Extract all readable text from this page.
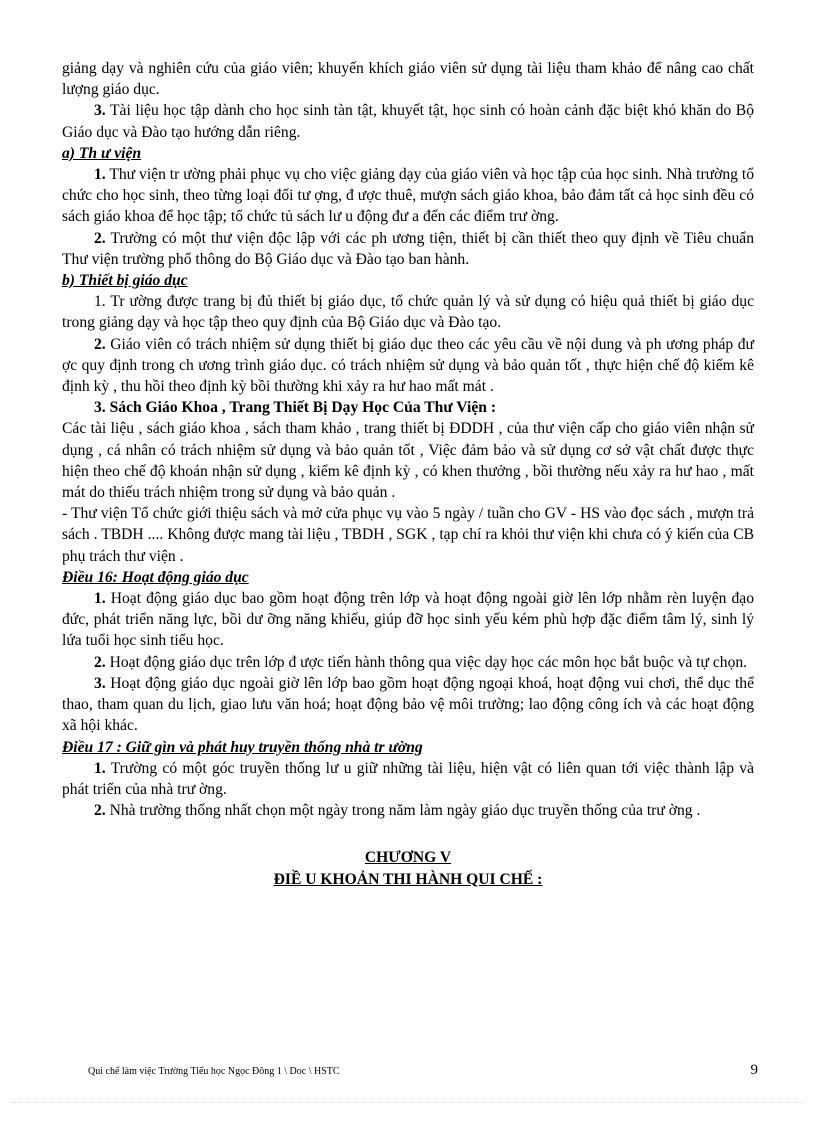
giảng dạy và nghiên cứu của giáo viên; khuyến khích giáo viên sử dụng tài liệu tham khảo để nâng cao chất lượng giáo dục.

3. Tài liệu học tập dành cho học sinh tàn tật, khuyết tật, học sinh có hoàn cảnh đặc biệt khó khăn do Bộ Giáo dục và Đào tạo hướng dẫn riêng.

a) Th ư viện

1. Thư viện tr ường phải phục vụ cho việc giảng dạy của giáo viên và học tập của học sinh. Nhà trường tổ chức cho học sinh, theo từng loại đối tư ợng, đ ược thuê, mượn sách giáo khoa, bảo đảm tất cả học sinh đều có sách giáo khoa để học tập; tổ chức tủ sách lư u động đư a đến các điểm trư ờng.

2. Trường có một thư viện độc lập với các ph ương tiện, thiết bị cần thiết theo quy định về Tiêu chuẩn Thư viện trường phổ thông do Bộ Giáo dục và Đào tạo ban hành.

b) Thiết bị giáo dục

1. Tr ường được trang bị đủ thiết bị giáo dục, tổ chức quản lý và sử dụng có hiệu quả thiết bị giáo dục trong giảng dạy và học tập theo quy định của Bộ Giáo dục và Đào tạo.

2. Giáo viên có trách nhiệm sử dụng thiết bị giáo dục theo các yêu cầu về nội dung và ph ương pháp đư ợc quy định trong ch ương trình giáo dục. có trách nhiệm sử dụng và bảo quản tốt , thực hiện chế độ kiểm kê định kỳ , thu hồi theo định kỳ bồi thường khi xảy ra hư hao mất mát .

3. Sách Giáo Khoa , Trang Thiết Bị Dạy Học Của Thư Viện :

Các tài liệu , sách giáo khoa , sách tham khảo , trang thiết bị ĐDDH , của thư viện cấp cho giáo viên nhận sử dụng , cá nhân có trách nhiệm sử dụng và bảo quản tốt , Việc đảm bảo và sử dụng cơ sở vật chất được thực hiện theo chế độ khoán nhận sử dụng , kiểm kê định kỳ , có khen thưởng , bồi thường nếu xảy ra hư hao , mất mát do thiếu trách nhiệm trong sử dụng và bảo quản .

- Thư viện Tổ chức giới thiệu sách và mở cửa phục vụ vào 5 ngày / tuần cho GV - HS vào đọc sách , mượn trả sách . TBDH .... Không được mang tài liệu , TBDH , SGK , tạp chí ra khỏi thư viện khi chưa có ý kiến của CB phụ trách thư viện .

Điều 16: Hoạt động giáo dục

1. Hoạt động giáo dục bao gồm hoạt động trên lớp và hoạt động ngoài giờ lên lớp nhằm rèn luyện đạo đức, phát triển năng lực, bồi dư ỡng năng khiếu, giúp đỡ học sinh yếu kém phù hợp đặc điểm tâm lý, sinh lý lứa tuổi học sinh tiểu học.

2. Hoạt động giáo dục trên lớp đ ược tiến hành thông qua việc dạy học các môn học bắt buộc và tự chọn.

3. Hoạt động giáo dục ngoài giờ lên lớp bao gồm hoạt động ngoại khoá, hoạt động vui chơi, thể dục thể thao, tham quan du lịch, giao lưu văn hoá; hoạt động bảo vệ môi trường; lao động công ích và các hoạt động xã hội khác.

Điều 17 : Giữ gìn và phát huy truyền thống nhà tr ường

1. Trường có một góc truyền thống lư u giữ những tài liệu, hiện vật có liên quan tới việc thành lập và phát triển của nhà trư ờng.

2. Nhà trường thống nhất chọn một ngày trong năm làm ngày giáo dục truyền thống của trư ờng .

CHƯƠNG V

ĐIỀ U KHOẢN THI HÀNH QUI CHẾ :

Qui chế làm việc Trường Tiểu học Ngọc Đông 1 \ Doc \ HSTC	9
